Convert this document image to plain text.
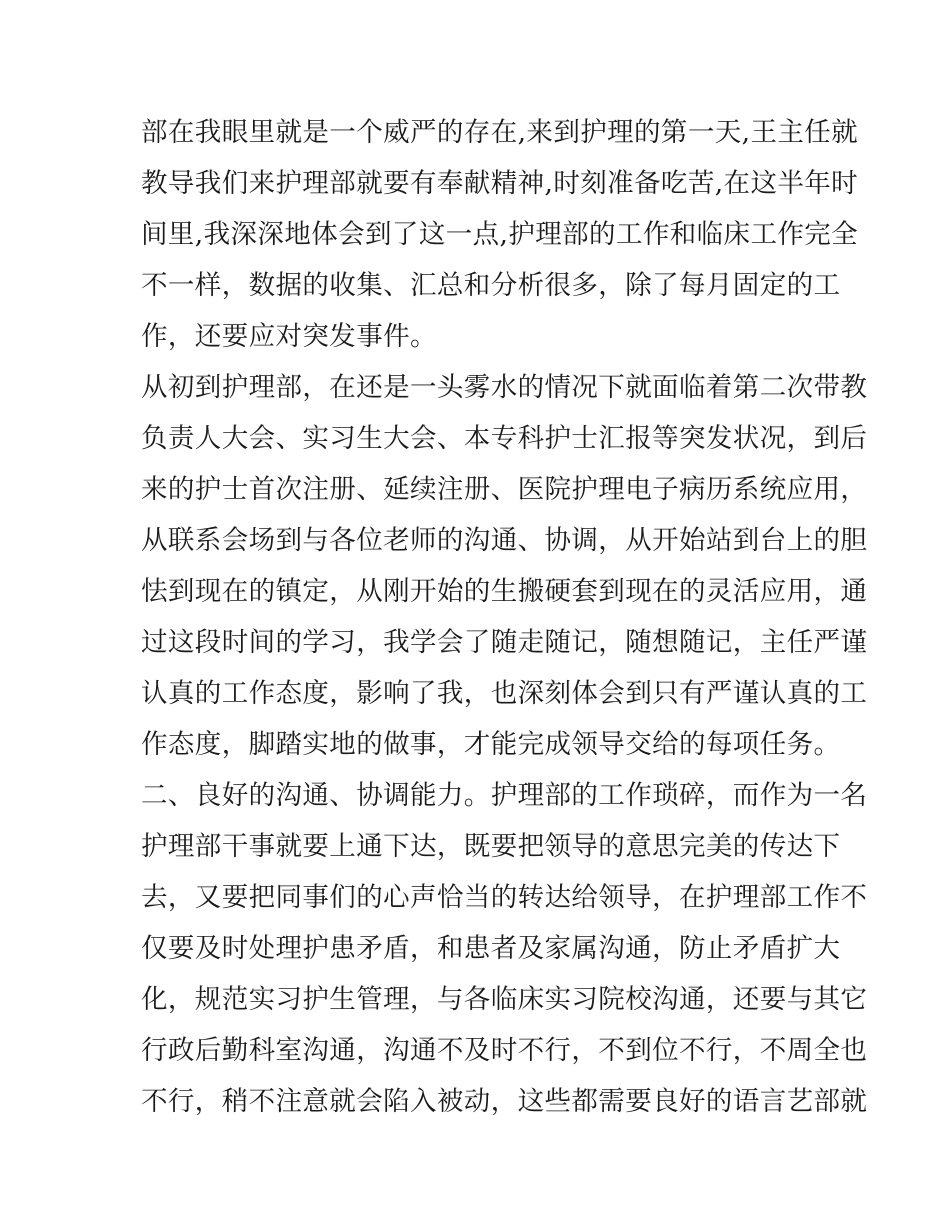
部在我眼里就是一个威严的存在,来到护理的第一天,王主任就
教导我们来护理部就要有奉献精神,时刻准备吃苦,在这半年时
间里,我深深地体会到了这一点,护理部的工作和临床工作完全
不一样，数据的收集、汇总和分析很多，除了每月固定的工
作，还要应对突发事件。
从初到护理部，在还是一头雾水的情况下就面临着第二次带教
负责人大会、实习生大会、本专科护士汇报等突发状况，到后
来的护士首次注册、延续注册、医院护理电子病历系统应用，
从联系会场到与各位老师的沟通、协调，从开始站到台上的胆
怯到现在的镇定，从刚开始的生搬硬套到现在的灵活应用，通
过这段时间的学习，我学会了随走随记，随想随记，主任严谨
认真的工作态度，影响了我，也深刻体会到只有严谨认真的工
作态度，脚踏实地的做事，才能完成领导交给的每项任务。
二、良好的沟通、协调能力。护理部的工作琐碎，而作为一名
护理部干事就要上通下达，既要把领导的意思完美的传达下
去，又要把同事们的心声恰当的转达给领导，在护理部工作不
仅要及时处理护患矛盾，和患者及家属沟通，防止矛盾扩大
化，规范实习护生管理，与各临床实习院校沟通，还要与其它
行政后勤科室沟通，沟通不及时不行，不到位不行，不周全也
不行，稍不注意就会陷入被动，这些都需要良好的语言艺部就
